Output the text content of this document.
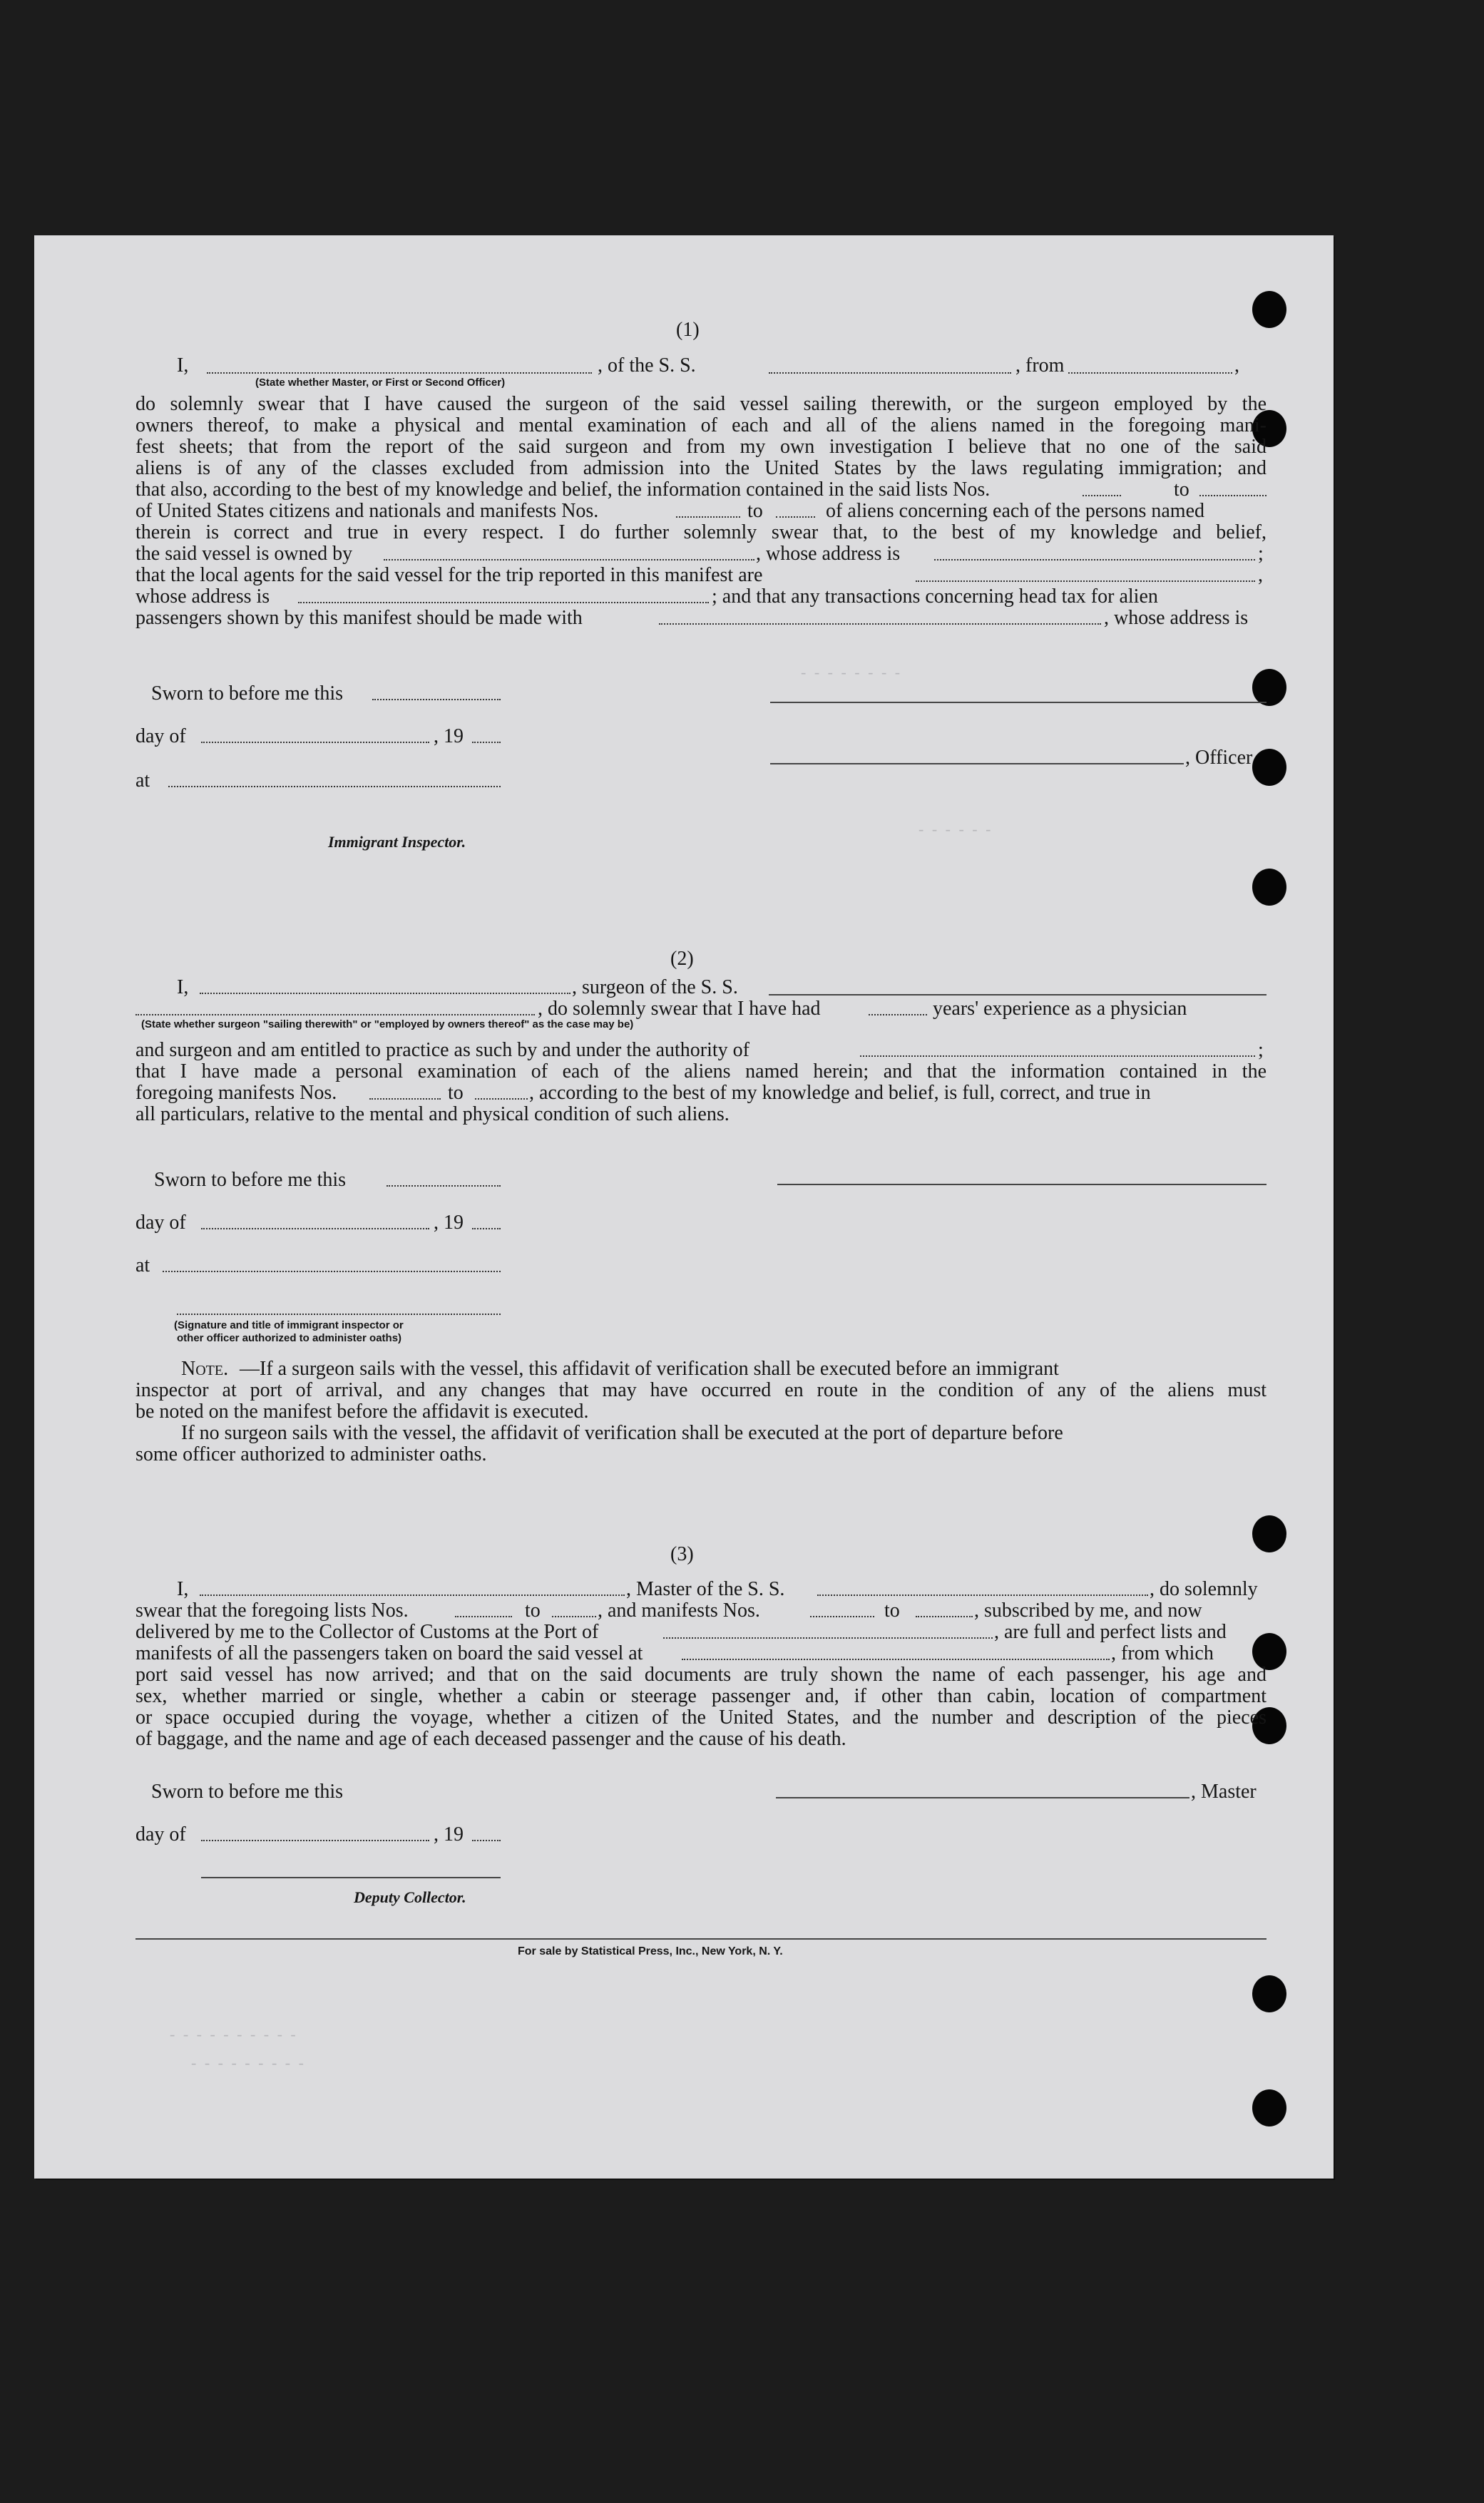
- - - - - - - -
- - - - - -
- - - - - - - - - -
- - - - - - - - -
(1)
I,	, of the S. S.	, from	,
(State whether Master, or First or Second Officer)
do solemnly swear that I have caused the surgeon of the said vessel sailing therewith, or the surgeon employed by the
owners thereof, to make a physical and mental examination of each and all of the aliens named in the foregoing mani-
fest sheets; that from the report of the said surgeon and from my own investigation I believe that no one of the said
aliens is of any of the classes excluded from admission into the United States by the laws regulating immigration; and
that also, according to the best of my knowledge and belief, the information contained in the said lists Nos.	to
of United States citizens and nationals and manifests Nos.	to	of aliens concerning each of the persons named
therein is correct and true in every respect. I do further solemnly swear that, to the best of my knowledge and belief,
the said vessel is owned by	, whose address is	;
that the local agents for the said vessel for the trip reported in this manifest are	,
whose address is	; and that any transactions concerning head tax for alien
passengers shown by this manifest should be made with	, whose address is
Sworn to before me this
day of	, 19
, Officer
at
Immigrant Inspector.
(2)
I,	, surgeon of the S. S.
, do solemnly swear that I have had	years' experience as a physician
(State whether surgeon "sailing therewith" or "employed by owners thereof" as the case may be)
and surgeon and am entitled to practice as such by and under the authority of	;
that I have made a personal examination of each of the aliens named herein; and that the information contained in the
foregoing manifests Nos.	to	, according to the best of my knowledge and belief, is full, correct, and true in
all particulars, relative to the mental and physical condition of such aliens.
Sworn to before me this
day of	, 19
at
(Signature and title of immigrant inspector or
other officer authorized to administer oaths)
Note. —If a surgeon sails with the vessel, this affidavit of verification shall be executed before an immigrant
inspector at port of arrival, and any changes that may have occurred en route in the condition of any of the aliens must
be noted on the manifest before the affidavit is executed.
If no surgeon sails with the vessel, the affidavit of verification shall be executed at the port of departure before
some officer authorized to administer oaths.
(3)
I,	, Master of the S. S.	, do solemnly
swear that the foregoing lists Nos.	to	, and manifests Nos.	to	, subscribed by me, and now
delivered by me to the Collector of Customs at the Port of	, are full and perfect lists and
manifests of all the passengers taken on board the said vessel at	, from which
port said vessel has now arrived; and that on the said documents are truly shown the name of each passenger, his age and
sex, whether married or single, whether a cabin or steerage passenger and, if other than cabin, location of compartment
or space occupied during the voyage, whether a citizen of the United States, and the number and description of the pieces
of baggage, and the name and age of each deceased passenger and the cause of his death.
Sworn to before me this	, Master
day of	, 19
Deputy Collector.
For sale by Statistical Press, Inc., New York, N. Y.
